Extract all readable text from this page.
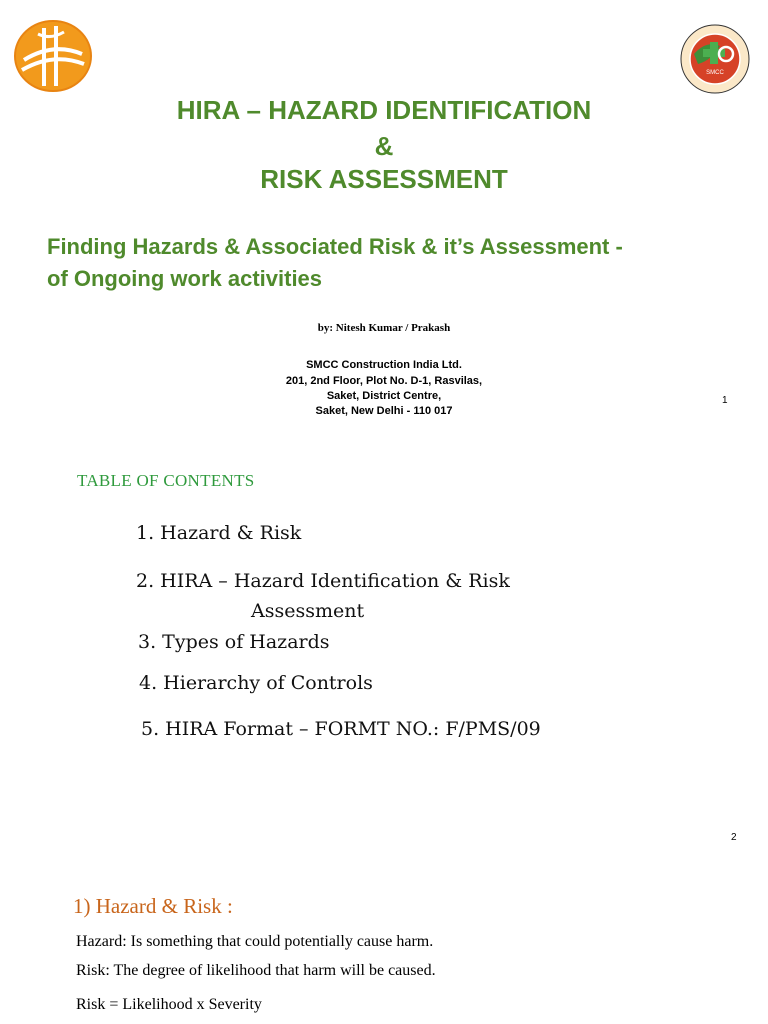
SMCC
HIRA – HAZARD IDENTIFICATION
&
RISK ASSESSMENT
Finding Hazards & Associated Risk & it’s Assessment -
of Ongoing work activities
by: Nitesh Kumar / Prakash
SMCC Construction India Ltd.
201, 2nd Floor, Plot No. D-1, Rasvilas,
Saket, District Centre,
Saket, New Delhi - 110 017
1
TABLE OF CONTENTS
1. Hazard & Risk
2. HIRA – Hazard Identification & Risk
Assessment
3. Types of Hazards
4. Hierarchy of Controls
5. HIRA Format – FORMT NO.: F/PMS/09
2
1) Hazard & Risk :
Hazard: Is something that could potentially cause harm.
Risk: The degree of likelihood that harm will be caused.
Risk = Likelihood x Severity
